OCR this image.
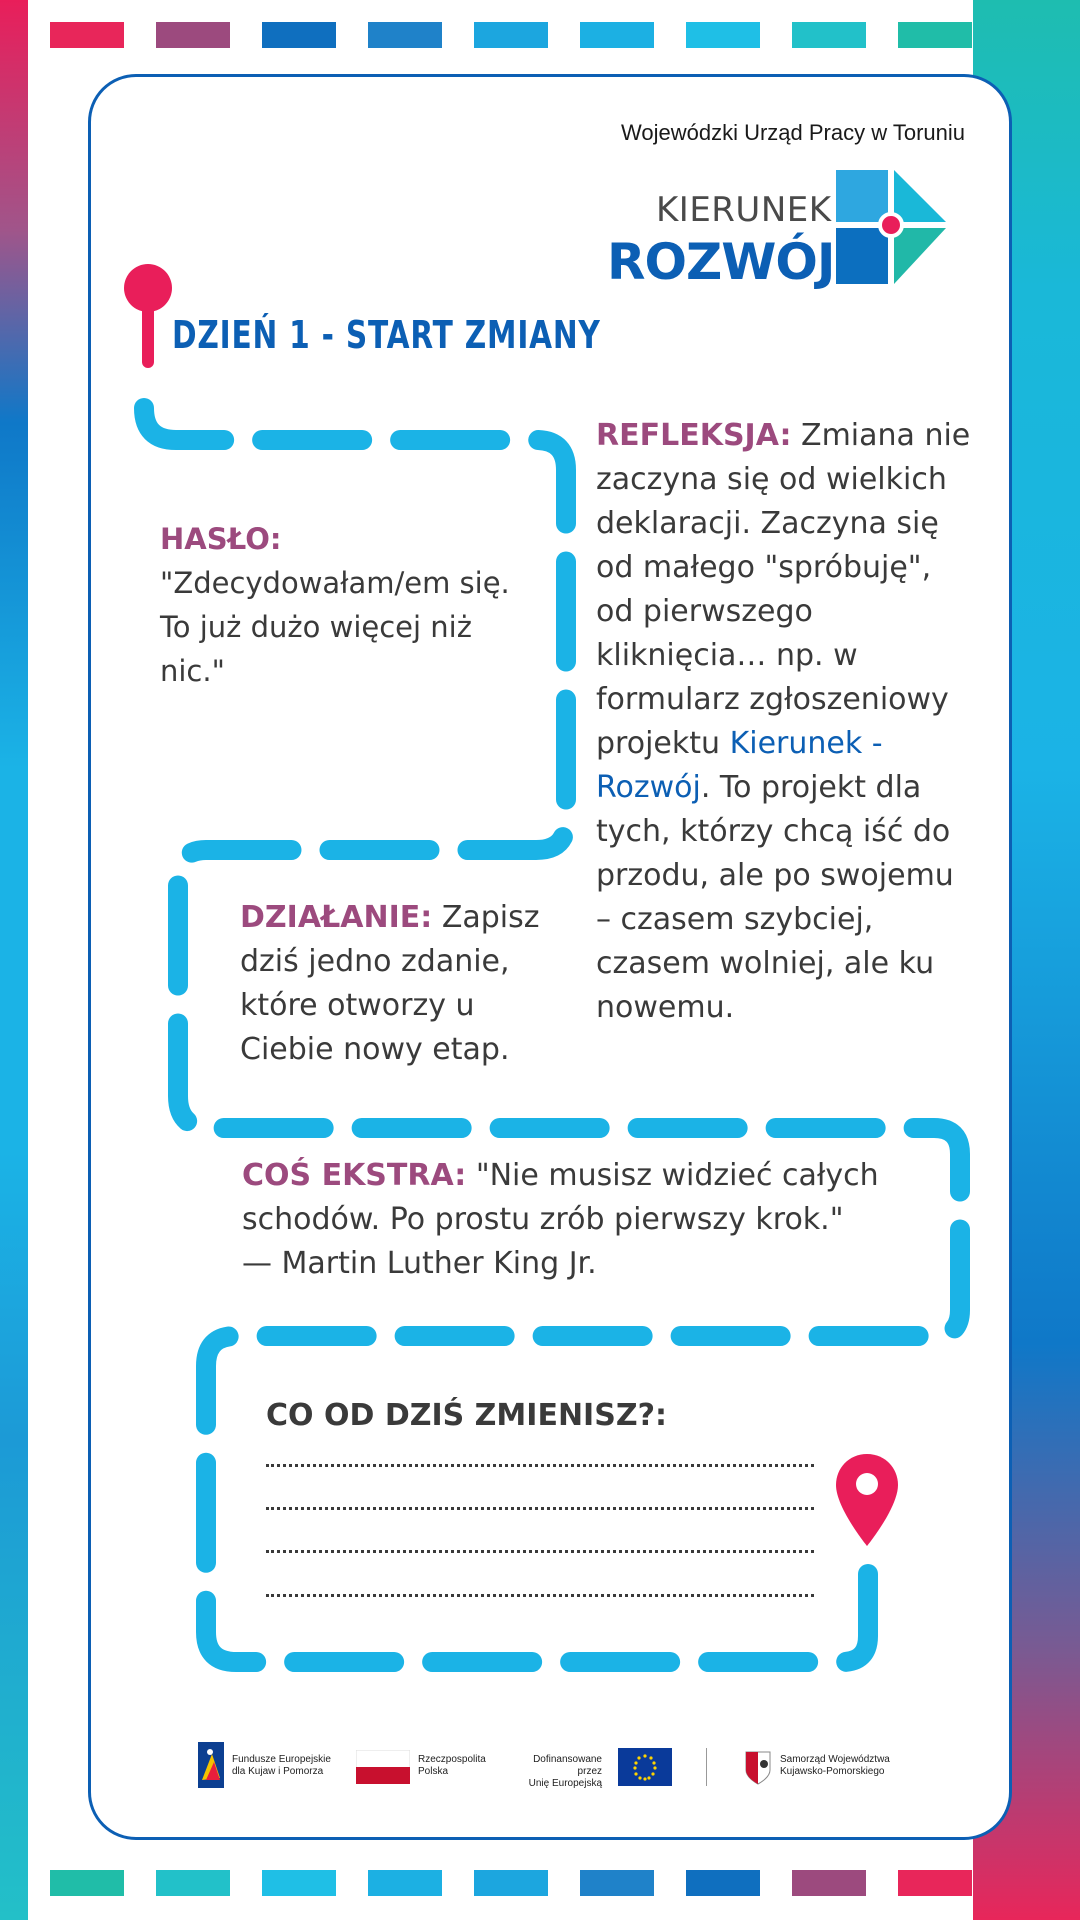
Wojewódzki Urząd Pracy w Toruniu
KIERUNEK
ROZWÓJ
DZIEŃ 1 - START ZMIANY
HASŁO:
"Zdecydowałam/em się. To już dużo więcej niż nic."
REFLEKSJA: Zmiana nie zaczyna się od wielkich deklaracji. Zaczyna się od małego "spróbuję", od pierwszego kliknięcia… np. w formularz zgłoszeniowy projektu Kierunek - Rozwój. To projekt dla tych, którzy chcą iść do przodu, ale po swojemu – czasem szybciej, czasem wolniej, ale ku nowemu.
DZIAŁANIE: Zapisz dziś jedno zdanie, które otworzy u Ciebie nowy etap.
COŚ EKSTRA: "Nie musisz widzieć całych schodów. Po prostu zrób pierwszy krok."
— Martin Luther King Jr.
CO OD DZIŚ ZMIENISZ?:
Fundusze Europejskie
dla Kujaw i Pomorza
Rzeczpospolita
Polska
Dofinansowane przez
Unię Europejską
Samorząd Województwa
Kujawsko-Pomorskiego
